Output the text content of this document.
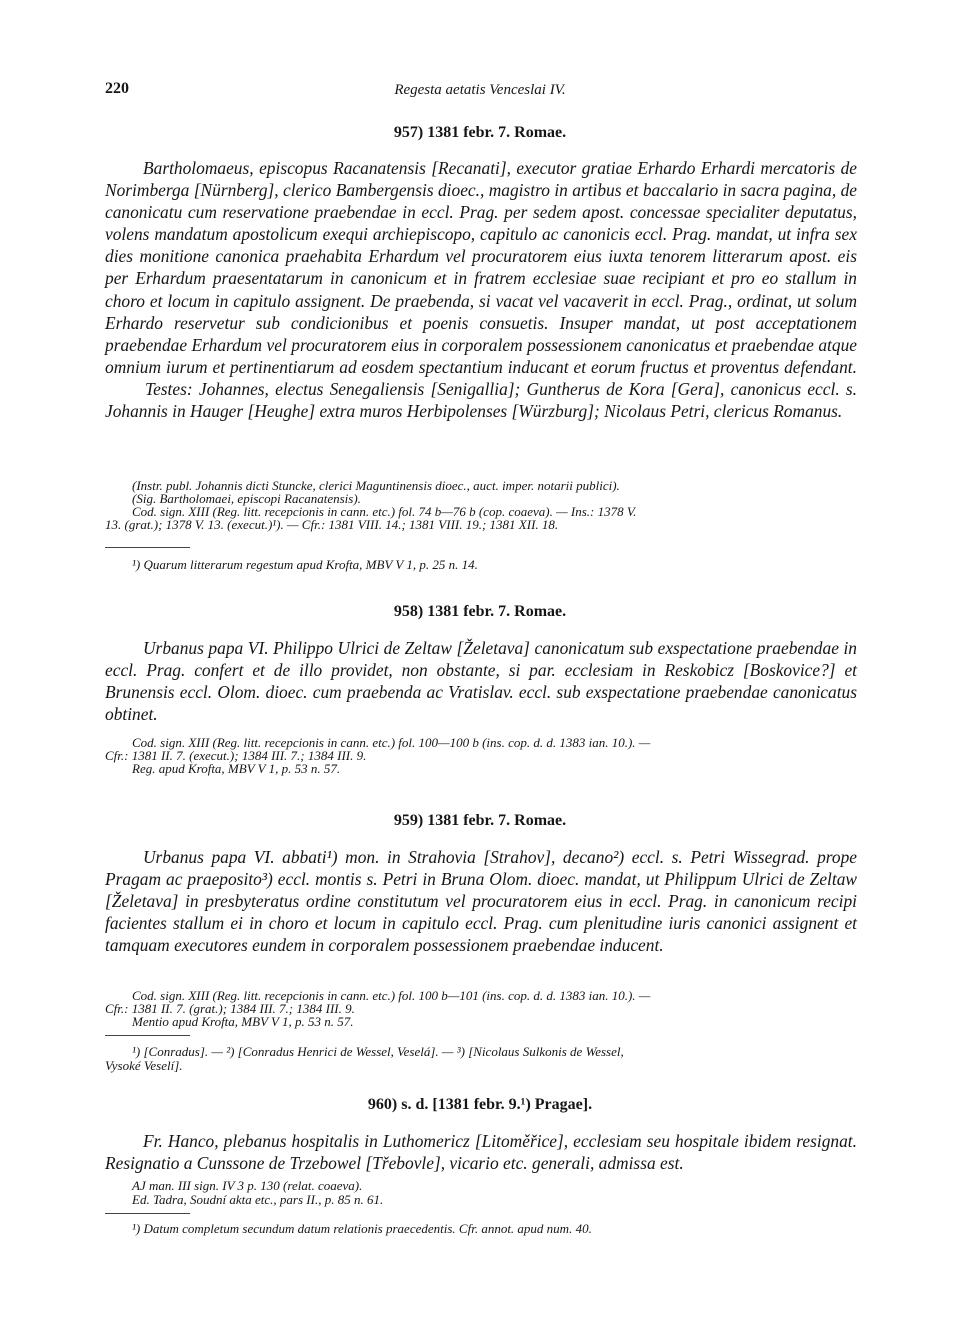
220	Regesta aetatis Venceslai IV.
957) 1381 febr. 7. Romae.

Bartholomaeus, episcopus Racanatensis [Recanati], executor gratiae Erhardo Erhardi mercatoris de Norimberga [Nürnberg], clerico Bambergensis dioec., magistro in artibus et baccalario in sacra pagina, de canonicatu cum reservatione praebendae in eccl. Prag. per sedem apost. concessae specialiter deputatus, volens mandatum apostolicum exequi archiepiscopo, capitulo ac canonicis eccl. Prag. mandat, ut infra sex dies monitione canonica praehabita Erhardum vel procuratorem eius iuxta tenorem litterarum apost. eis per Erhardum praesentatarum in canonicum et in fratrem ecclesiae suae recipiant et pro eo stallum in choro et locum in capitulo assignent. De praebenda, si vacat vel vacaverit in eccl. Prag., ordinat, ut solum Erhardo reservetur sub condicionibus et poenis consuetis. Insuper mandat, ut post acceptationem praebendae Erhardum vel procuratorem eius in corporalem possessionem canonicatus et praebendae atque omnium iurum et pertinentiarum ad eosdem spectantium inducant et eorum fructus et proventus defendant. Testes: Johannes, electus Senegaliensis [Senigallia]; Guntherus de Kora [Gera], canonicus eccl. s. Johannis in Hauger [Heughe] extra muros Herbipolenses [Würzburg]; Nicolaus Petri, clericus Romanus.

(Instr. publ. Johannis dicti Stuncke, clerici Maguntinensis dioec., auct. imper. notarii publici).

(Sig. Bartholomaei, episcopi Racanatensis).

Cod. sign. XIII (Reg. litt. recepcionis in cann. etc.) fol. 74 b—76 b (cop. coaeva). — Ins.: 1378 V.

13. (grat.); 1378 V. 13. (execut.)¹). — Cfr.: 1381 VIII. 14.; 1381 VIII. 19.; 1381 XII. 18.

¹) Quarum litterarum regestum apud Krofta, MBV V 1, p. 25 n. 14.

958) 1381 febr. 7. Romae.

Urbanus papa VI. Philippo Ulrici de Zeltaw [Želetava] canonicatum sub exspectatione praebendae in eccl. Prag. confert et de illo providet, non obstante, si par. ecclesiam in Reskobicz [Boskovice?] et Brunensis eccl. Olom. dioec. cum praebenda ac Vratislav. eccl. sub exspectatione praebendae canonicatus obtinet.

Cod. sign. XIII (Reg. litt. recepcionis in cann. etc.) fol. 100—100 b (ins. cop. d. d. 1383 ian. 10.). —

Cfr.: 1381 II. 7. (execut.); 1384 III. 7.; 1384 III. 9.

Reg. apud Krofta, MBV V 1, p. 53 n. 57.

959) 1381 febr. 7. Romae.

Urbanus papa VI. abbati¹) mon. in Strahovia [Strahov], decano²) eccl. s. Petri Wissegrad. prope Pragam ac praeposito³) eccl. montis s. Petri in Bruna Olom. dioec. mandat, ut Philippum Ulrici de Zeltaw [Želetava] in presbyteratus ordine constitutum vel procuratorem eius in eccl. Prag. in canonicum recipi facientes stallum ei in choro et locum in capitulo eccl. Prag. cum plenitudine iuris canonici assignent et tamquam executores eundem in corporalem possessionem praebendae inducent.

Cod. sign. XIII (Reg. litt. recepcionis in cann. etc.) fol. 100 b—101 (ins. cop. d. d. 1383 ian. 10.). —

Cfr.: 1381 II. 7. (grat.); 1384 III. 7.; 1384 III. 9.

Mentio apud Krofta, MBV V 1, p. 53 n. 57.

¹) [Conradus]. — ²) [Conradus Henrici de Wessel, Veselá]. — ³) [Nicolaus Sulkonis de Wessel,

Vysoké Veselí].

960) s. d. [1381 febr. 9.¹) Pragae].

Fr. Hanco, plebanus hospitalis in Luthomericz [Litoměřice], ecclesiam seu hospitale ibidem resignat. Resignatio a Cunssone de Trzebowel [Třebovle], vicario etc. generali, admissa est.

AJ man. III sign. IV 3 p. 130 (relat. coaeva).

Ed. Tadra, Soudní akta etc., pars II., p. 85 n. 61.

¹) Datum completum secundum datum relationis praecedentis. Cfr. annot. apud num. 40.
